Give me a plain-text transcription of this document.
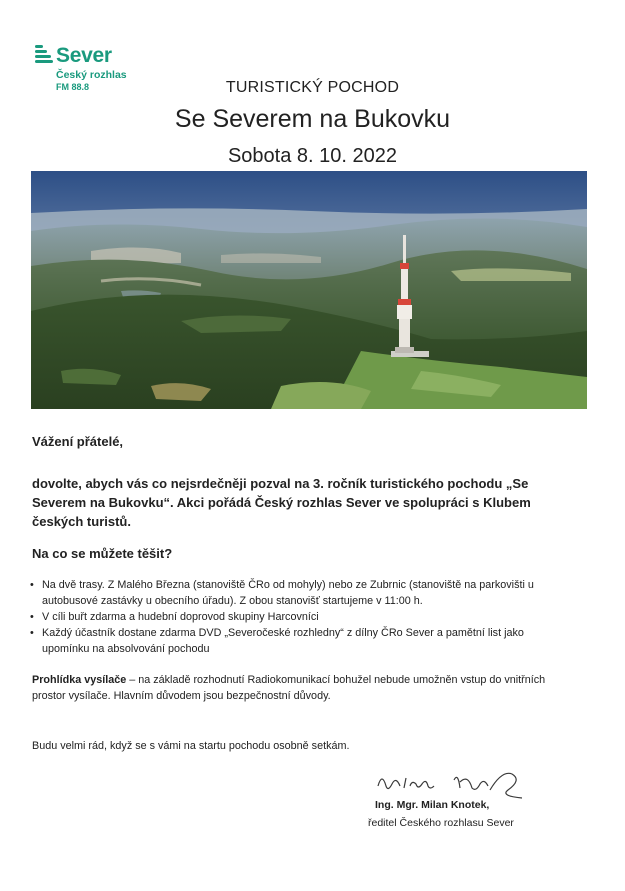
Sever
Český rozhlas
FM 88.8	TURISTICKÝ POCHOD
Se Severem na Bukovku
Sobota 8. 10. 2022
Vážení přátelé,
dovolte, abych vás co nejsrdečněji pozval na 3. ročník turistického pochodu „Se Severem na Bukovku“. Akci pořádá Český rozhlas Sever ve spolupráci s Klubem českých turistů.
Na co se můžete těšit?
• Na dvě trasy. Z Malého Března (stanoviště ČRo od mohyly) nebo ze Zubrnic (stanoviště na parkovišti u autobusové zastávky u obecního úřadu). Z obou stanovišť startujeme v 11:00 h.
• V cíli buřt zdarma a hudební doprovod skupiny Harcovníci
• Každý účastník dostane zdarma DVD „Severočeské rozhledny“ z dílny ČRo Sever a pamětní list jako upomínku na absolvování pochodu
Prohlídka vysílače – na základě rozhodnutí Radiokomunikací bohužel nebude umožněn vstup do vnitřních prostor vysílače. Hlavním důvodem jsou bezpečnostní důvody.
Budu velmi rád, když se s vámi na startu pochodu osobně setkám.
Ing. Mgr. Milan Knotek,
ředitel Českého rozhlasu Sever
